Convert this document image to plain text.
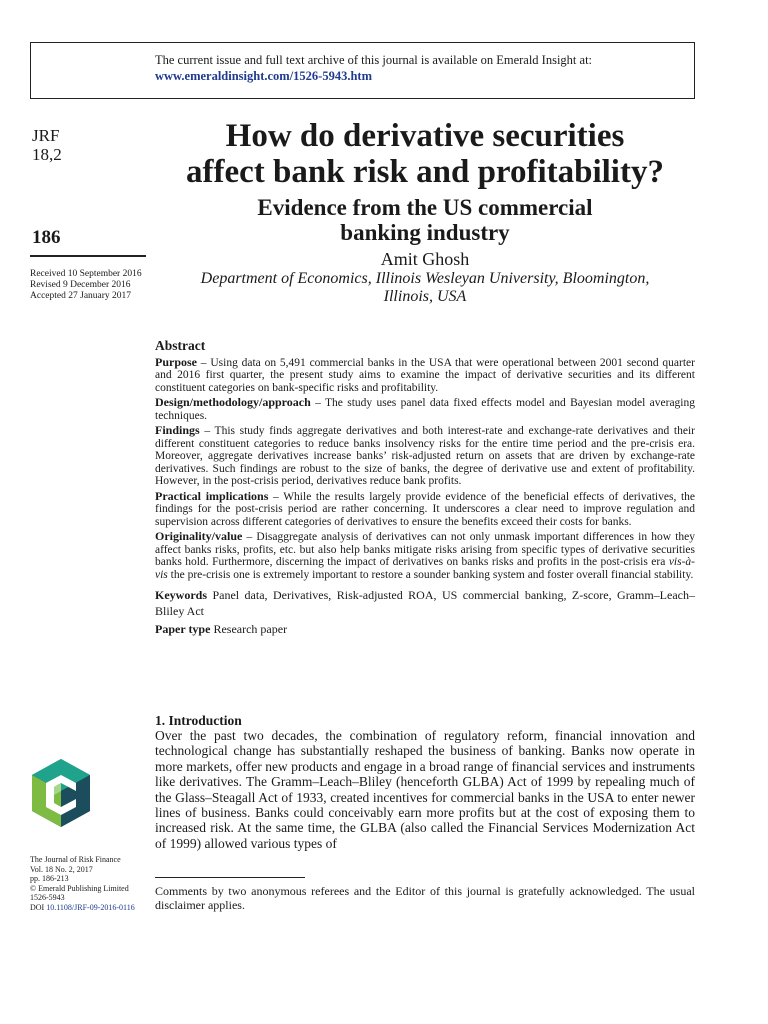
The current issue and full text archive of this journal is available on Emerald Insight at:
www.emeraldinsight.com/1526-5943.htm
JRF
18,2
186
Received 10 September 2016
Revised 9 December 2016
Accepted 27 January 2017
How do derivative securities
affect bank risk and profitability?
Evidence from the US commercial
banking industry
Amit Ghosh
Department of Economics, Illinois Wesleyan University, Bloomington,
Illinois, USA
Abstract

Purpose – Using data on 5,491 commercial banks in the USA that were operational between 2001 second quarter and 2016 first quarter, the present study aims to examine the impact of derivative securities and its different constituent categories on bank-specific risks and profitability.

Design/methodology/approach – The study uses panel data fixed effects model and Bayesian model averaging techniques.

Findings – This study finds aggregate derivatives and both interest-rate and exchange-rate derivatives and their different constituent categories to reduce banks insolvency risks for the entire time period and the pre-crisis era. Moreover, aggregate derivatives increase banks’ risk-adjusted return on assets that are driven by exchange-rate derivatives. Such findings are robust to the size of banks, the degree of derivative use and extent of profitability. However, in the post-crisis period, derivatives reduce bank profits.

Practical implications – While the results largely provide evidence of the beneficial effects of derivatives, the findings for the post-crisis period are rather concerning. It underscores a clear need to improve regulation and supervision across different categories of derivatives to ensure the benefits exceed their costs for banks.

Originality/value – Disaggregate analysis of derivatives can not only unmask important differences in how they affect banks risks, profits, etc. but also help banks mitigate risks arising from specific types of derivative securities banks hold. Furthermore, discerning the impact of derivatives on banks risks and profits in the post-crisis era vis-à-vis the pre-crisis one is extremely important to restore a sounder banking system and foster overall financial stability.

Keywords Panel data, Derivatives, Risk-adjusted ROA, US commercial banking, Z-score, Gramm–Leach–Bliley Act

Paper type Research paper

1. Introduction
Over the past two decades, the combination of regulatory reform, financial innovation and technological change has substantially reshaped the business of banking. Banks now operate in more markets, offer new products and engage in a broad range of financial services and instruments like derivatives. The Gramm–Leach–Bliley (henceforth GLBA) Act of 1999 by repealing much of the Glass–Steagall Act of 1933, created incentives for commercial banks in the USA to enter newer lines of business. Banks could conceivably earn more profits but at the cost of exposing them to increased risk. At the same time, the GLBA (also called the Financial Services Modernization Act of 1999) allowed various types of
Comments by two anonymous referees and the Editor of this journal is gratefully acknowledged. The usual disclaimer applies.
The Journal of Risk Finance
Vol. 18 No. 2, 2017
pp. 186-213
© Emerald Publishing Limited
1526-5943
DOI 10.1108/JRF-09-2016-0116
